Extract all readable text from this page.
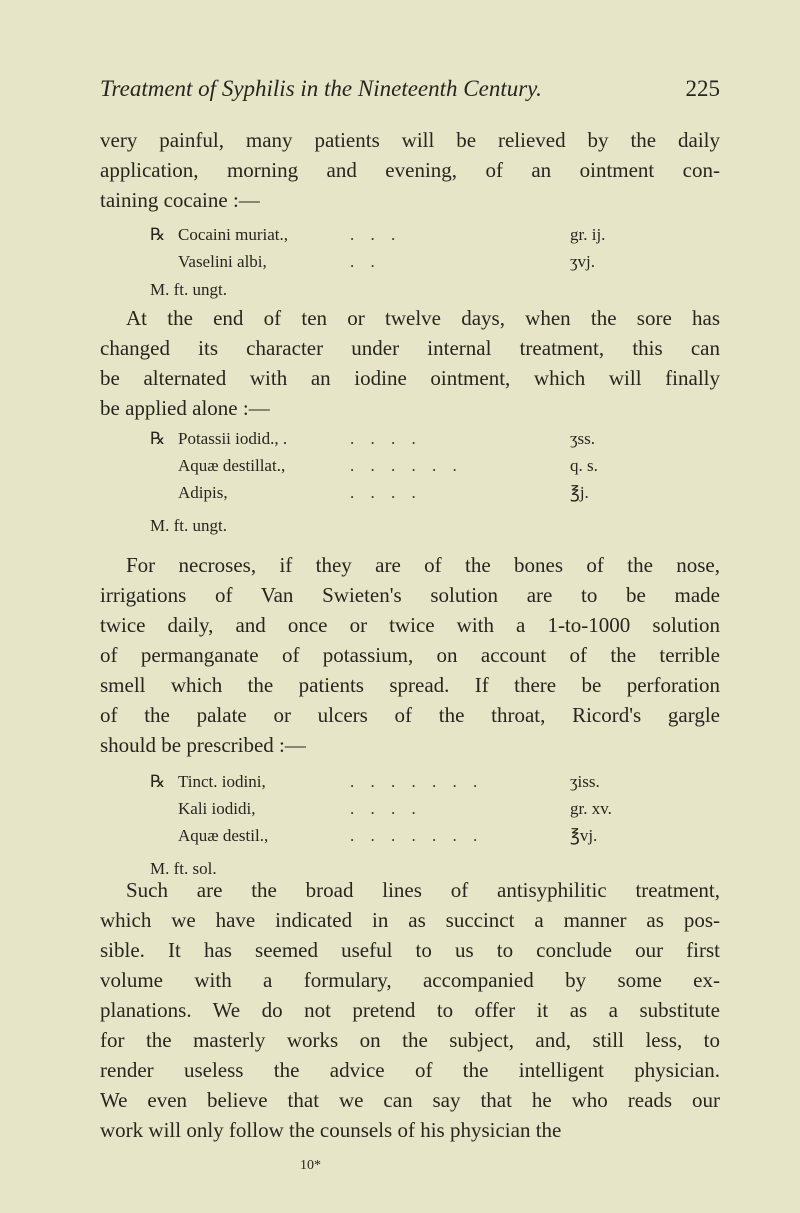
Treatment of Syphilis in the Nineteenth Century.	225
very painful, many patients will be relieved by the daily
application, morning and evening, of an ointment con-
taining cocaine :—
At the end of ten or twelve days, when the sore has
changed its character under internal treatment, this can
be alternated with an iodine ointment, which will finally
be applied alone :—
For necroses, if they are of the bones of the nose,
irrigations of Van Swieten's solution are to be made
twice daily, and once or twice with a 1-to-1000 solution
of permanganate of potassium, on account of the terrible
smell which the patients spread. If there be perforation
of the palate or ulcers of the throat, Ricord's gargle
should be prescribed :—
Such are the broad lines of antisyphilitic treatment,
which we have indicated in as succinct a manner as pos-
sible. It has seemed useful to us to conclude our first
volume with a formulary, accompanied by some ex-
planations. We do not pretend to offer it as a substitute
for the masterly works on the subject, and, still less, to
render useless the advice of the intelligent physician.
We even believe that we can say that he who reads our
work will only follow the counsels of his physician the
℞ Cocaini muriat.,	. . .	gr. ij.
Vaselini albi,	. .	ʒvj.
M. ft. ungt.
℞ Potassii iodid., .	. . . .	ʒss.
Aquæ destillat.,	. . . . . .	q. s.
Adipis,	. . . .	℥j.
M. ft. ungt.
℞ Tinct. iodini,	. . . . . . .	ʒiss.
Kali iodidi,	. . . .	gr. xv.
Aquæ destil.,	. . . . . . .	℥vj.
M. ft. sol.
10*
